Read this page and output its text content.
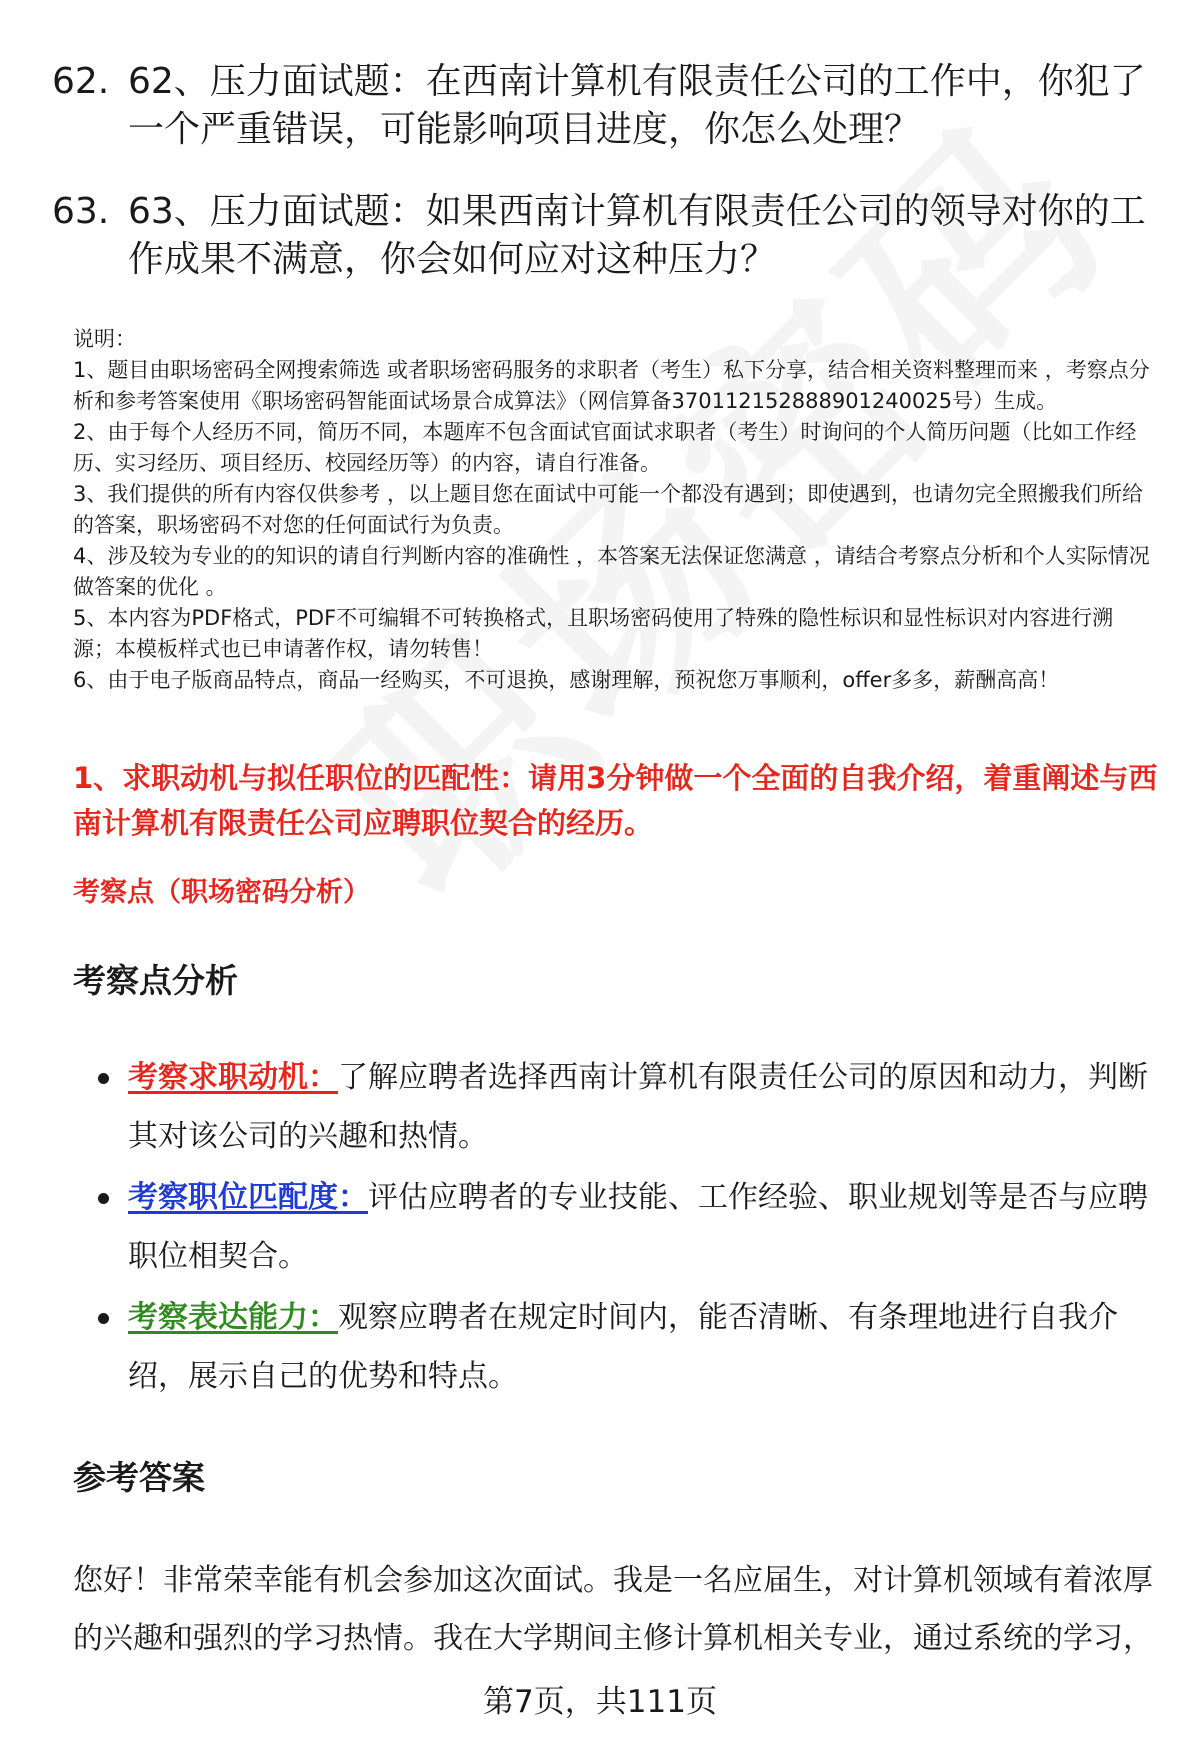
62. 62、压力面试题：在西南计算机有限责任公司的工作中，你犯了一个严重错误，可能影响项目进度，你怎么处理？
63. 63、压力面试题：如果西南计算机有限责任公司的领导对你的工作成果不满意，你会如何应对这种压力？

说明：

1、题目由职场密码全网搜索筛选 或者职场密码服务的求职者（考生）私下分享，结合相关资料整理而来 ，考察点分析和参考答案使用《职场密码智能面试场景合成算法》（网信算备370112152888901240025号）生成。

2、由于每个人经历不同，简历不同，本题库不包含面试官面试求职者（考生）时询问的个人简历问题（比如工作经历、实习经历、项目经历、校园经历等）的内容，请自行准备。

3、我们提供的所有内容仅供参考 ，以上题目您在面试中可能一个都没有遇到；即使遇到，也请勿完全照搬我们所给的答案，职场密码不对您的任何面试行为负责。

4、涉及较为专业的的知识的请自行判断内容的准确性 ，本答案无法保证您满意 ，请结合考察点分析和个人实际情况做答案的优化 。

5、本内容为PDF格式，PDF不可编辑不可转换格式，且职场密码使用了特殊的隐性标识和显性标识对内容进行溯源；本模板样式也已申请著作权，请勿转售！

6、由于电子版商品特点，商品一经购买，不可退换，感谢理解，预祝您万事顺利，offer多多，薪酬高高！

1、求职动机与拟任职位的匹配性：请用3分钟做一个全面的自我介绍，着重阐述与西南计算机有限责任公司应聘职位契合的经历。
考察点（职场密码分析）
考察点分析
考察求职动机：了解应聘者选择西南计算机有限责任公司的原因和动力，判断其对该公司的兴趣和热情。
考察职位匹配度：评估应聘者的专业技能、工作经验、职业规划等是否与应聘职位相契合。
考察表达能力：观察应聘者在规定时间内，能否清晰、有条理地进行自我介绍，展示自己的优势和特点。
参考答案
您好！非常荣幸能有机会参加这次面试。我是一名应届生，对计算机领域有着浓厚的兴趣和强烈的学习热情。我在大学期间主修计算机相关专业，通过系统的学习，
第7页，共111页
